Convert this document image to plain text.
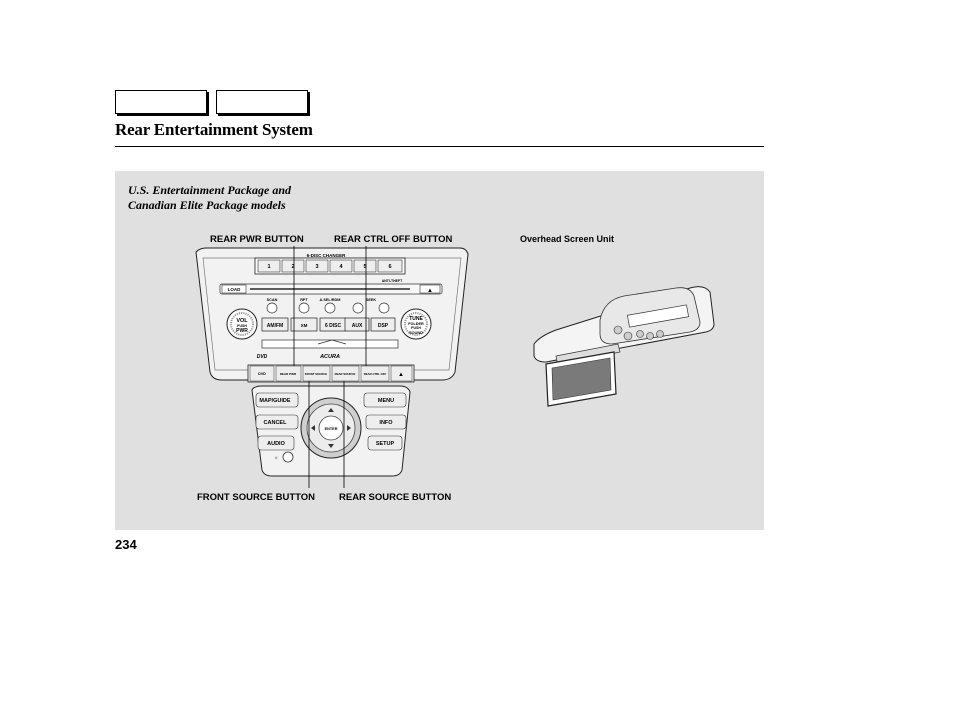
Rear Entertainment System
U.S. Entertainment Package and
Canadian Elite Package models
REAR PWR BUTTON	REAR CTRL OFF BUTTON	Overhead Screen Unit
FRONT SOURCE BUTTON	REAR SOURCE BUTTON
6-DISC CHANGER
1	2	3	4	5	6
LOAD	▲
ANTI-THEFT
SCAN	RPT	A.SEL/RDM	SEEK
AM/FM	XM	6 DISC AUX	DSP
VOL
PUSH
PWR
TUNE
FOLDER
PUSH
SOUND
ACURA
DVD
DVD	REAR PWR	FRONT SOURCE	REAR SOURCE	REAR CTRL OFF ▲
MAP/GUIDE
CANCEL
AUDIO
MENU
INFO
SETUP
ENTER
☼
234
